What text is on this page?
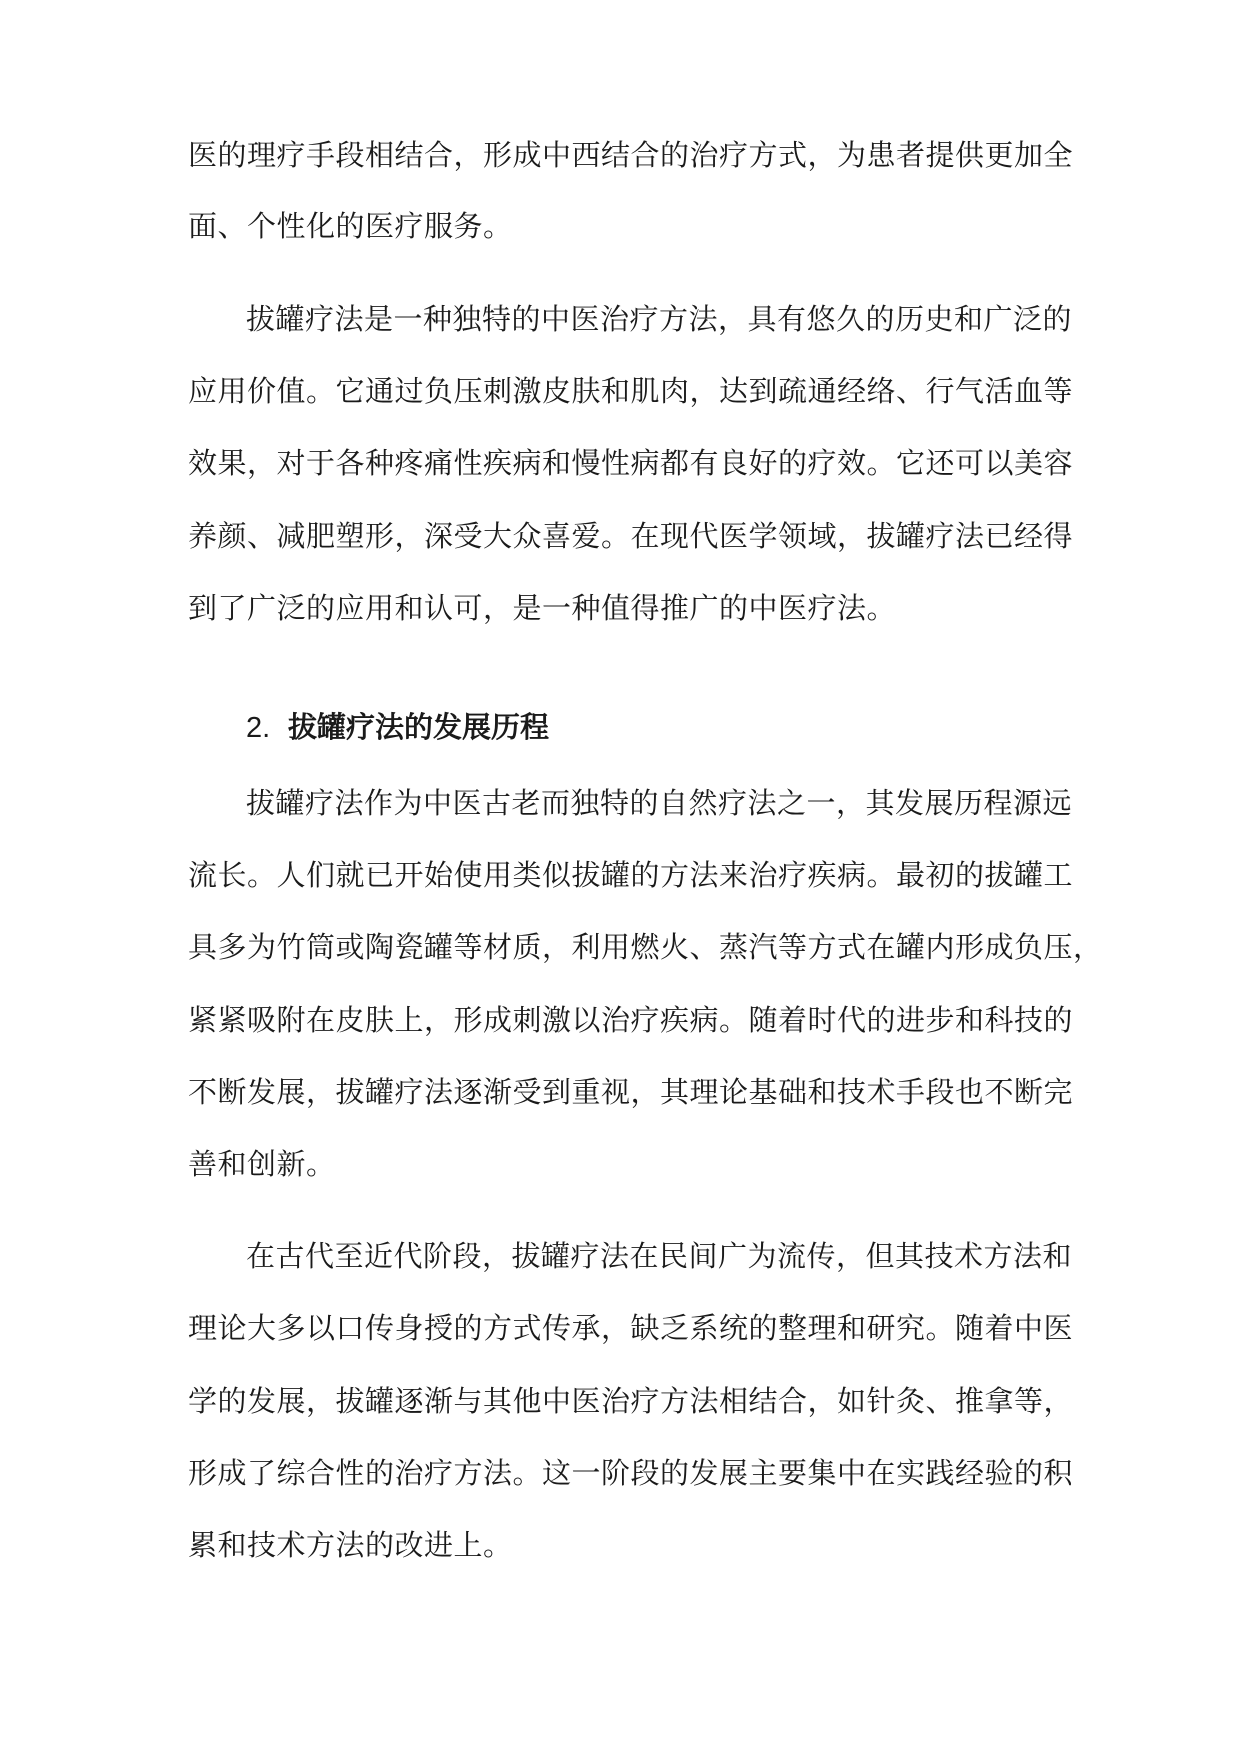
医的理疗手段相结合，形成中西结合的治疗方式，为患者提供更加全
面、个性化的医疗服务。
拔罐疗法是一种独特的中医治疗方法，具有悠久的历史和广泛的
应用价值。它通过负压刺激皮肤和肌肉，达到疏通经络、行气活血等
效果，对于各种疼痛性疾病和慢性病都有良好的疗效。它还可以美容
养颜、减肥塑形，深受大众喜爱。在现代医学领域，拔罐疗法已经得
到了广泛的应用和认可，是一种值得推广的中医疗法。
2. 拔罐疗法的发展历程
拔罐疗法作为中医古老而独特的自然疗法之一，其发展历程源远
流长。人们就已开始使用类似拔罐的方法来治疗疾病。最初的拔罐工
具多为竹筒或陶瓷罐等材质，利用燃火、蒸汽等方式在罐内形成负压，
紧紧吸附在皮肤上，形成刺激以治疗疾病。随着时代的进步和科技的
不断发展，拔罐疗法逐渐受到重视，其理论基础和技术手段也不断完
善和创新。
在古代至近代阶段，拔罐疗法在民间广为流传，但其技术方法和
理论大多以口传身授的方式传承，缺乏系统的整理和研究。随着中医
学的发展，拔罐逐渐与其他中医治疗方法相结合，如针灸、推拿等，
形成了综合性的治疗方法。这一阶段的发展主要集中在实践经验的积
累和技术方法的改进上。
